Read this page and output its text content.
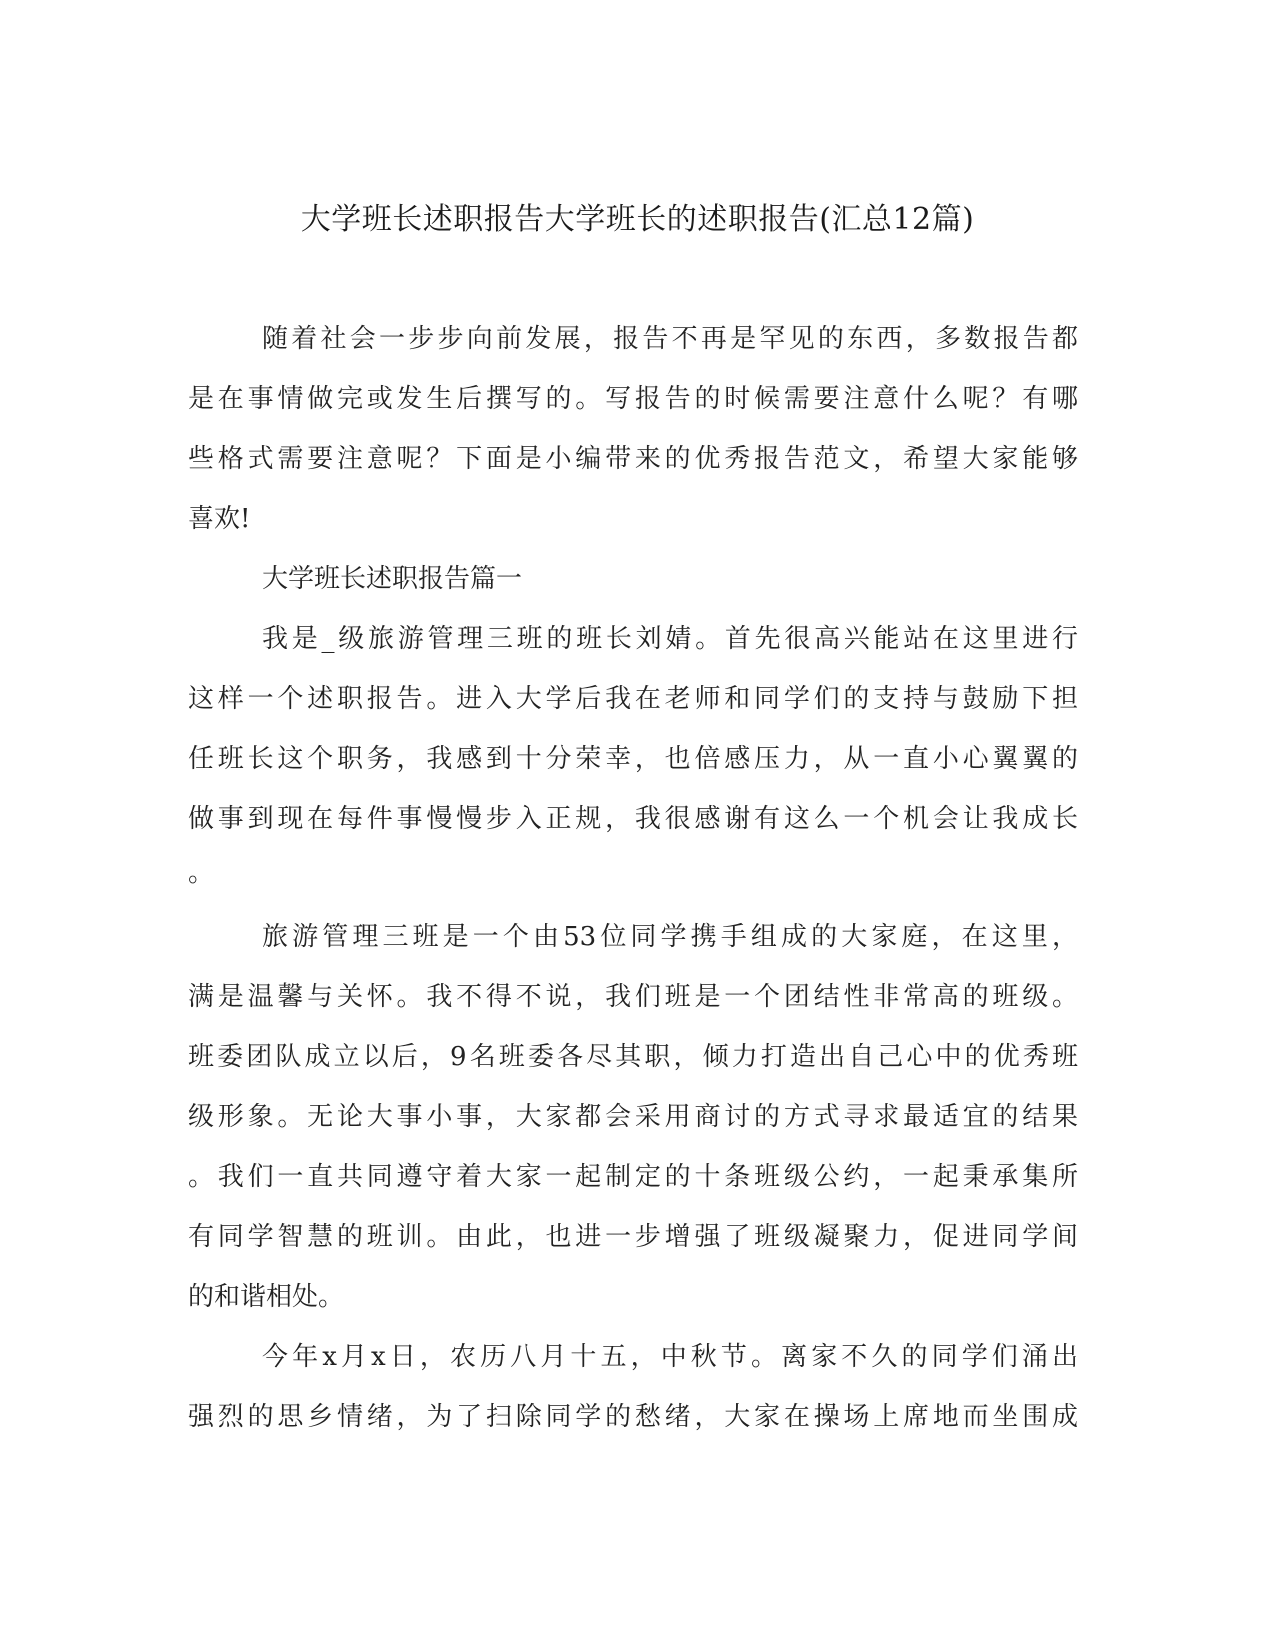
大学班长述职报告大学班长的述职报告(汇总12篇)
随着社会一步步向前发展，报告不再是罕见的东西，多数报告都
是在事情做完或发生后撰写的。写报告的时候需要注意什么呢？有哪
些格式需要注意呢？下面是小编带来的优秀报告范文，希望大家能够
喜欢!
大学班长述职报告篇一
我是_级旅游管理三班的班长刘婧。首先很高兴能站在这里进行
这样一个述职报告。进入大学后我在老师和同学们的支持与鼓励下担
任班长这个职务，我感到十分荣幸，也倍感压力，从一直小心翼翼的
做事到现在每件事慢慢步入正规，我很感谢有这么一个机会让我成长
。
旅游管理三班是一个由53位同学携手组成的大家庭，在这里，
满是温馨与关怀。我不得不说，我们班是一个团结性非常高的班级。
班委团队成立以后，9名班委各尽其职，倾力打造出自己心中的优秀班
级形象。无论大事小事，大家都会采用商讨的方式寻求最适宜的结果
。我们一直共同遵守着大家一起制定的十条班级公约，一起秉承集所
有同学智慧的班训。由此，也进一步增强了班级凝聚力，促进同学间
的和谐相处。
今年x月x日，农历八月十五，中秋节。离家不久的同学们涌出
强烈的思乡情绪，为了扫除同学的愁绪，大家在操场上席地而坐围成
